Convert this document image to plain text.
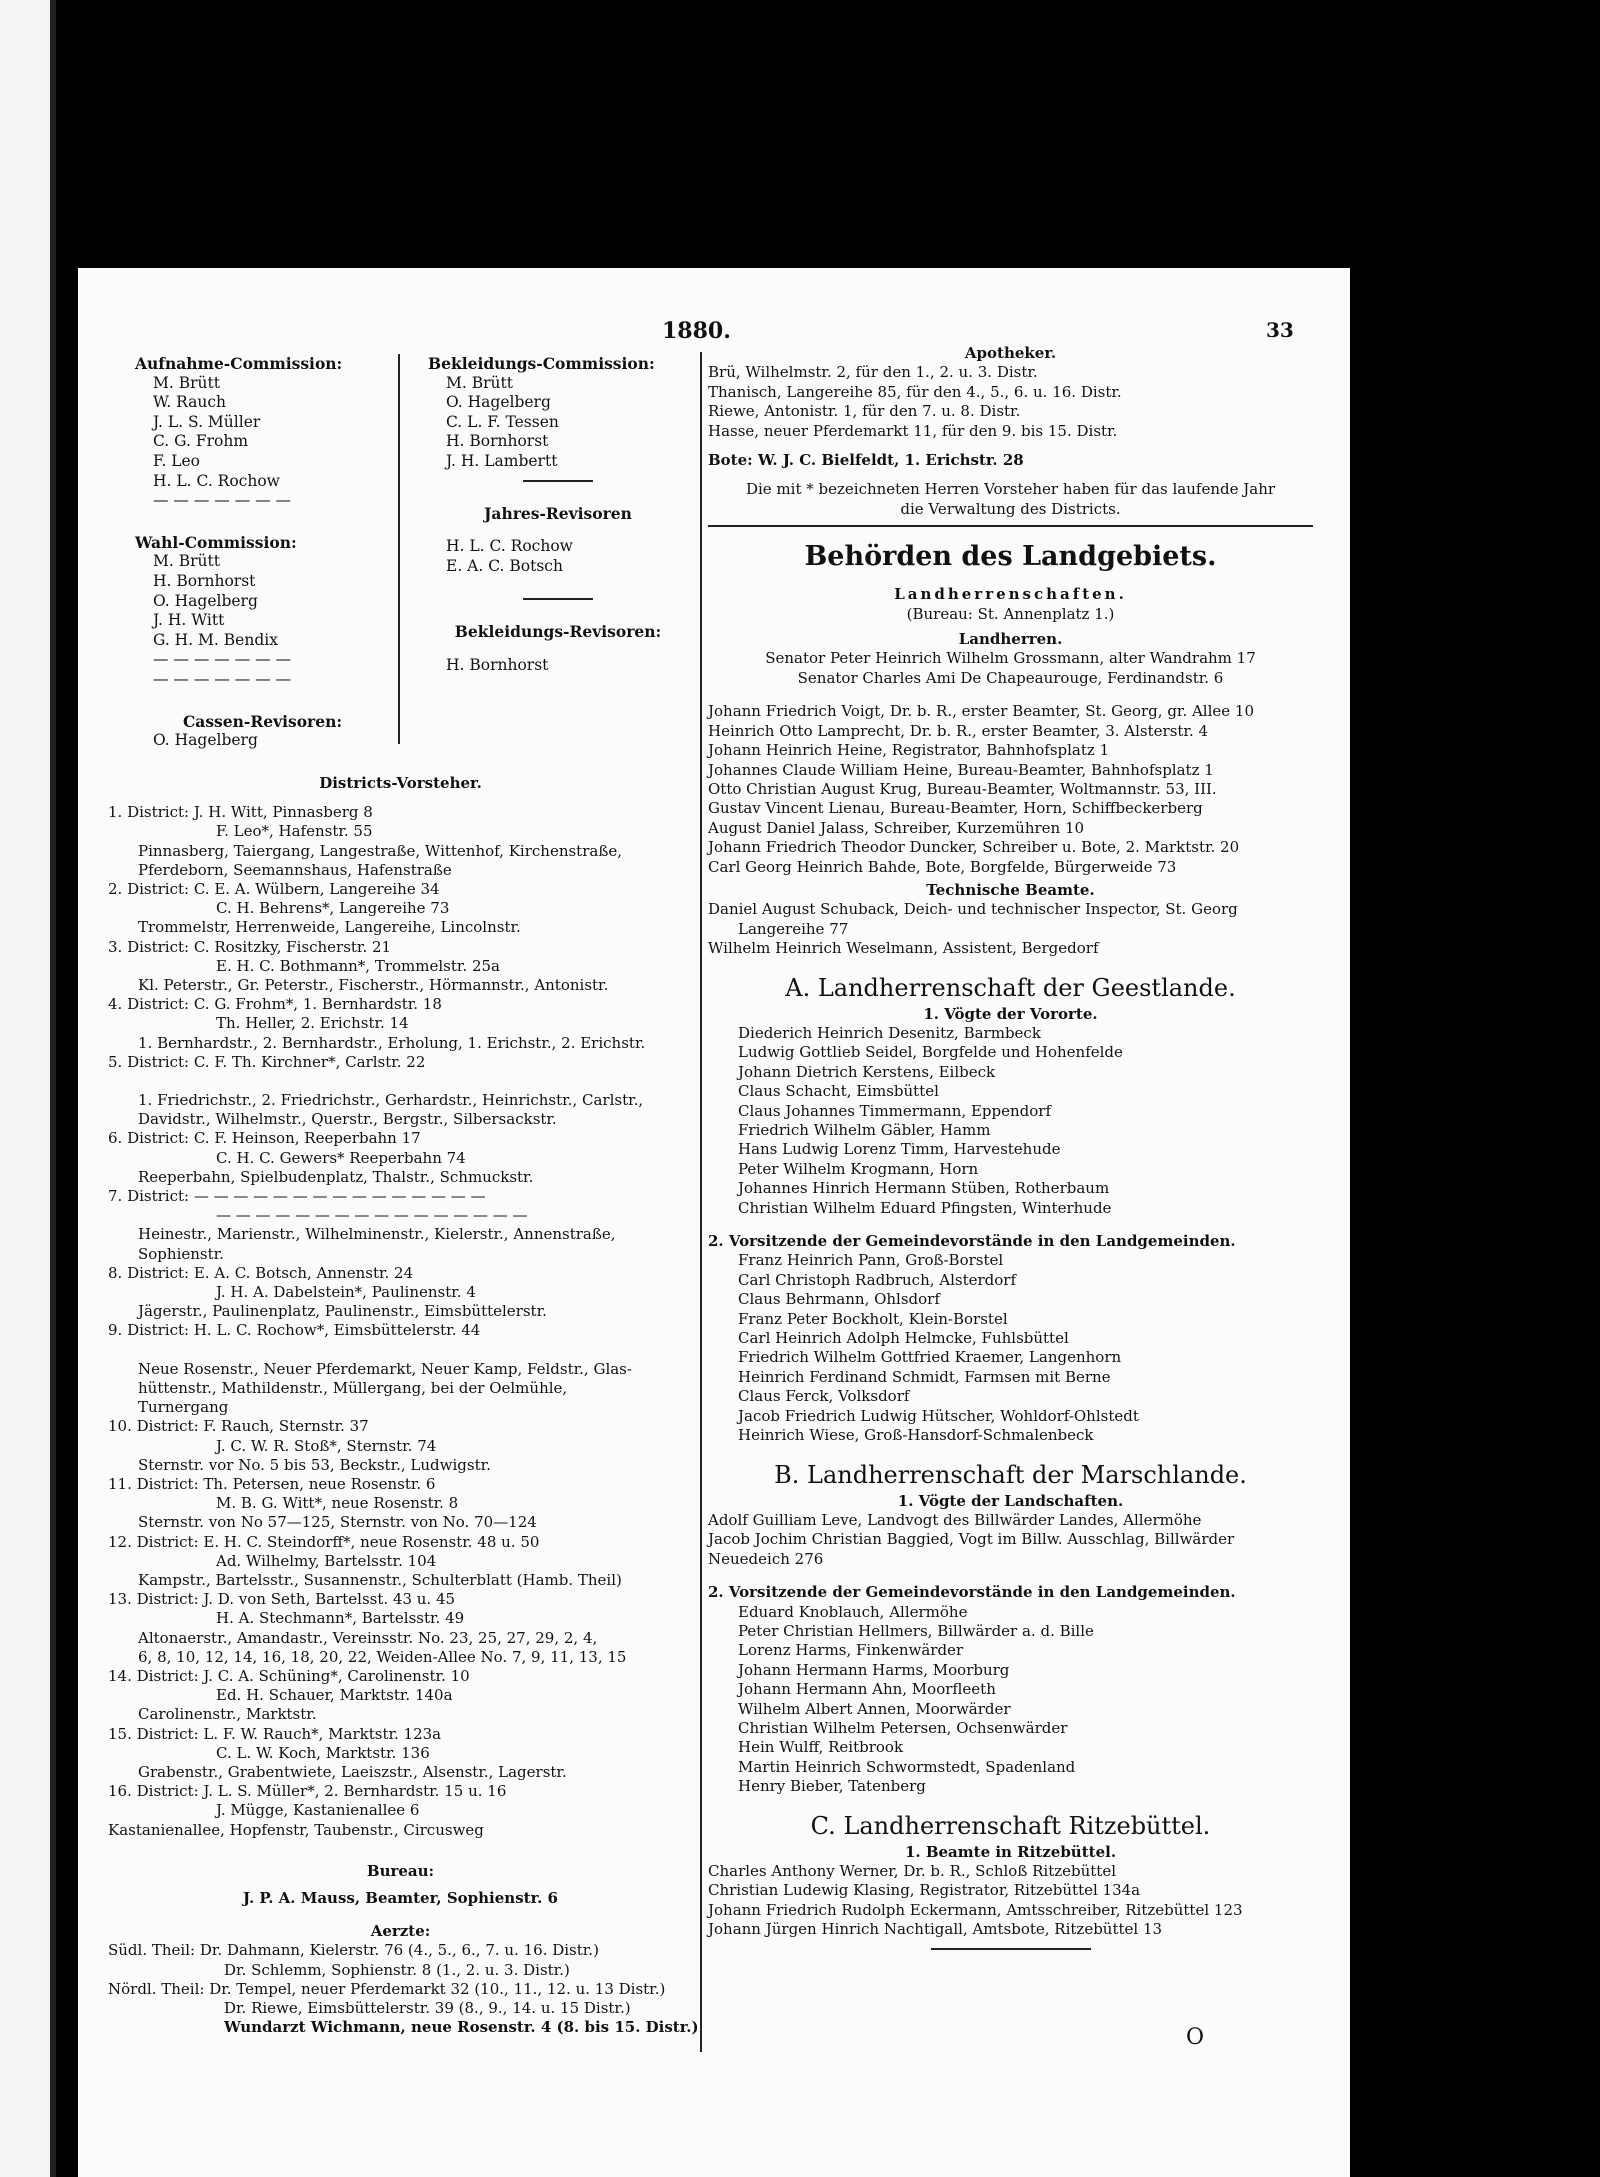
1880.	33
Aufnahme-Commission:
M. Brütt
W. Rauch
J. L. S. Müller
C. G. Frohm
F. Leo
H. L. C. Rochow
— — — — — — —
Wahl-Commission:
M. Brütt
H. Bornhorst
O. Hagelberg
J. H. Witt
G. H. M. Bendix
— — — — — — —
— — — — — — —
Cassen-Revisoren:
O. Hagelberg
Bekleidungs-Commission:
M. Brütt
O. Hagelberg
C. L. F. Tessen
H. Bornhorst
J. H. Lambertt
Jahres-Revisoren
H. L. C. Rochow
E. A. C. Botsch
Bekleidungs-Revisoren:
H. Bornhorst
Districts-Vorsteher.
1. District: J. H. Witt, Pinnasberg 8
F. Leo*, Hafenstr. 55
Pinnasberg, Taiergang, Langestraße, Wittenhof, Kirchenstraße,
Pferdeborn, Seemannshaus, Hafenstraße
2. District: C. E. A. Wülbern, Langereihe 34
C. H. Behrens*, Langereihe 73
Trommelstr, Herrenweide, Langereihe, Lincolnstr.
3. District: C. Rositzky, Fischerstr. 21
E. H. C. Bothmann*, Trommelstr. 25a
Kl. Peterstr., Gr. Peterstr., Fischerstr., Hörmannstr., Antonistr.
4. District: C. G. Frohm*, 1. Bernhardstr. 18
Th. Heller, 2. Erichstr. 14
1. Bernhardstr., 2. Bernhardstr., Erholung, 1. Erichstr., 2. Erichstr.
5. District: C. F. Th. Kirchner*, Carlstr. 22
1. Friedrichstr., 2. Friedrichstr., Gerhardstr., Heinrichstr., Carlstr.,
Davidstr., Wilhelmstr., Querstr., Bergstr., Silbersackstr.
6. District: C. F. Heinson, Reeperbahn 17
C. H. C. Gewers* Reeperbahn 74
Reeperbahn, Spielbudenplatz, Thalstr., Schmuckstr.
7. District: — — — — — — — — — — — — — — —
— — — — — — — — — — — — — — — —
Heinestr., Marienstr., Wilhelminenstr., Kielerstr., Annenstraße,
Sophienstr.
8. District: E. A. C. Botsch, Annenstr. 24
J. H. A. Dabelstein*, Paulinenstr. 4
Jägerstr., Paulinenplatz, Paulinenstr., Eimsbüttelerstr.
9. District: H. L. C. Rochow*, Eimsbüttelerstr. 44
Neue Rosenstr., Neuer Pferdemarkt, Neuer Kamp, Feldstr., Glas-
hüttenstr., Mathildenstr., Müllergang, bei der Oelmühle,
Turnergang
10. District: F. Rauch, Sternstr. 37
J. C. W. R. Stoß*, Sternstr. 74
Sternstr. vor No. 5 bis 53, Beckstr., Ludwigstr.
11. District: Th. Petersen, neue Rosenstr. 6
M. B. G. Witt*, neue Rosenstr. 8
Sternstr. von No 57—125, Sternstr. von No. 70—124
12. District: E. H. C. Steindorff*, neue Rosenstr. 48 u. 50
Ad. Wilhelmy, Bartelsstr. 104
Kampstr., Bartelsstr., Susannenstr., Schulterblatt (Hamb. Theil)
13. District: J. D. von Seth, Bartelsst. 43 u. 45
H. A. Stechmann*, Bartelsstr. 49
Altonaerstr., Amandastr., Vereinsstr. No. 23, 25, 27, 29, 2, 4,
6, 8, 10, 12, 14, 16, 18, 20, 22, Weiden-Allee No. 7, 9, 11, 13, 15
14. District: J. C. A. Schüning*, Carolinenstr. 10
Ed. H. Schauer, Marktstr. 140a
Carolinenstr., Marktstr.
15. District: L. F. W. Rauch*, Marktstr. 123a
C. L. W. Koch, Marktstr. 136
Grabenstr., Grabentwiete, Laeiszstr., Alsenstr., Lagerstr.
16. District: J. L. S. Müller*, 2. Bernhardstr. 15 u. 16
J. Mügge, Kastanienallee 6
Kastanienallee, Hopfenstr, Taubenstr., Circusweg
Bureau:
J. P. A. Mauss, Beamter, Sophienstr. 6
Aerzte:
Südl. Theil: Dr. Dahmann, Kielerstr. 76 (4., 5., 6., 7. u. 16. Distr.)
Dr. Schlemm, Sophienstr. 8 (1., 2. u. 3. Distr.)
Nördl. Theil: Dr. Tempel, neuer Pferdemarkt 32 (10., 11., 12. u. 13 Distr.)
Dr. Riewe, Eimsbüttelerstr. 39 (8., 9., 14. u. 15 Distr.)
Wundarzt Wichmann, neue Rosenstr. 4 (8. bis 15. Distr.)
Apotheker.
Brü, Wilhelmstr. 2, für den 1., 2. u. 3. Distr.
Thanisch, Langereihe 85, für den 4., 5., 6. u. 16. Distr.
Riewe, Antonistr. 1, für den 7. u. 8. Distr.
Hasse, neuer Pferdemarkt 11, für den 9. bis 15. Distr.
Bote: W. J. C. Bielfeldt, 1. Erichstr. 28
Die mit * bezeichneten Herren Vorsteher haben für das laufende Jahr
die Verwaltung des Districts.
Behörden des Landgebiets.
Landherrenschaften.
(Bureau: St. Annenplatz 1.)
Landherren.
Senator Peter Heinrich Wilhelm Grossmann, alter Wandrahm 17
Senator Charles Ami De Chapeaurouge, Ferdinandstr. 6
Johann Friedrich Voigt, Dr. b. R., erster Beamter, St. Georg, gr. Allee 10
Heinrich Otto Lamprecht, Dr. b. R., erster Beamter, 3. Alsterstr. 4
Johann Heinrich Heine, Registrator, Bahnhofsplatz 1
Johannes Claude William Heine, Bureau-Beamter, Bahnhofsplatz 1
Otto Christian August Krug, Bureau-Beamter, Woltmannstr. 53, III.
Gustav Vincent Lienau, Bureau-Beamter, Horn, Schiffbeckerberg
August Daniel Jalass, Schreiber, Kurzemühren 10
Johann Friedrich Theodor Duncker, Schreiber u. Bote, 2. Marktstr. 20
Carl Georg Heinrich Bahde, Bote, Borgfelde, Bürgerweide 73
Technische Beamte.
Daniel August Schuback, Deich- und technischer Inspector, St. Georg
Langereihe 77
Wilhelm Heinrich Weselmann, Assistent, Bergedorf
A. Landherrenschaft der Geestlande.
1. Vögte der Vororte.
Diederich Heinrich Desenitz, Barmbeck
Ludwig Gottlieb Seidel, Borgfelde und Hohenfelde
Johann Dietrich Kerstens, Eilbeck
Claus Schacht, Eimsbüttel
Claus Johannes Timmermann, Eppendorf
Friedrich Wilhelm Gäbler, Hamm
Hans Ludwig Lorenz Timm, Harvestehude
Peter Wilhelm Krogmann, Horn
Johannes Hinrich Hermann Stüben, Rotherbaum
Christian Wilhelm Eduard Pfingsten, Winterhude
2. Vorsitzende der Gemeindevorstände in den Landgemeinden.
Franz Heinrich Pann, Groß-Borstel
Carl Christoph Radbruch, Alsterdorf
Claus Behrmann, Ohlsdorf
Franz Peter Bockholt, Klein-Borstel
Carl Heinrich Adolph Helmcke, Fuhlsbüttel
Friedrich Wilhelm Gottfried Kraemer, Langenhorn
Heinrich Ferdinand Schmidt, Farmsen mit Berne
Claus Ferck, Volksdorf
Jacob Friedrich Ludwig Hütscher, Wohldorf-Ohlstedt
Heinrich Wiese, Groß-Hansdorf-Schmalenbeck
B. Landherrenschaft der Marschlande.
1. Vögte der Landschaften.
Adolf Guilliam Leve, Landvogt des Billwärder Landes, Allermöhe
Jacob Jochim Christian Baggied, Vogt im Billw. Ausschlag, Billwärder
Neuedeich 276
2. Vorsitzende der Gemeindevorstände in den Landgemeinden.
Eduard Knoblauch, Allermöhe
Peter Christian Hellmers, Billwärder a. d. Bille
Lorenz Harms, Finkenwärder
Johann Hermann Harms, Moorburg
Johann Hermann Ahn, Moorfleeth
Wilhelm Albert Annen, Moorwärder
Christian Wilhelm Petersen, Ochsenwärder
Hein Wulff, Reitbrook
Martin Heinrich Schwormstedt, Spadenland
Henry Bieber, Tatenberg
C. Landherrenschaft Ritzebüttel.
1. Beamte in Ritzebüttel.
Charles Anthony Werner, Dr. b. R., Schloß Ritzebüttel
Christian Ludewig Klasing, Registrator, Ritzebüttel 134a
Johann Friedrich Rudolph Eckermann, Amtsschreiber, Ritzebüttel 123
Johann Jürgen Hinrich Nachtigall, Amtsbote, Ritzebüttel 13
O
